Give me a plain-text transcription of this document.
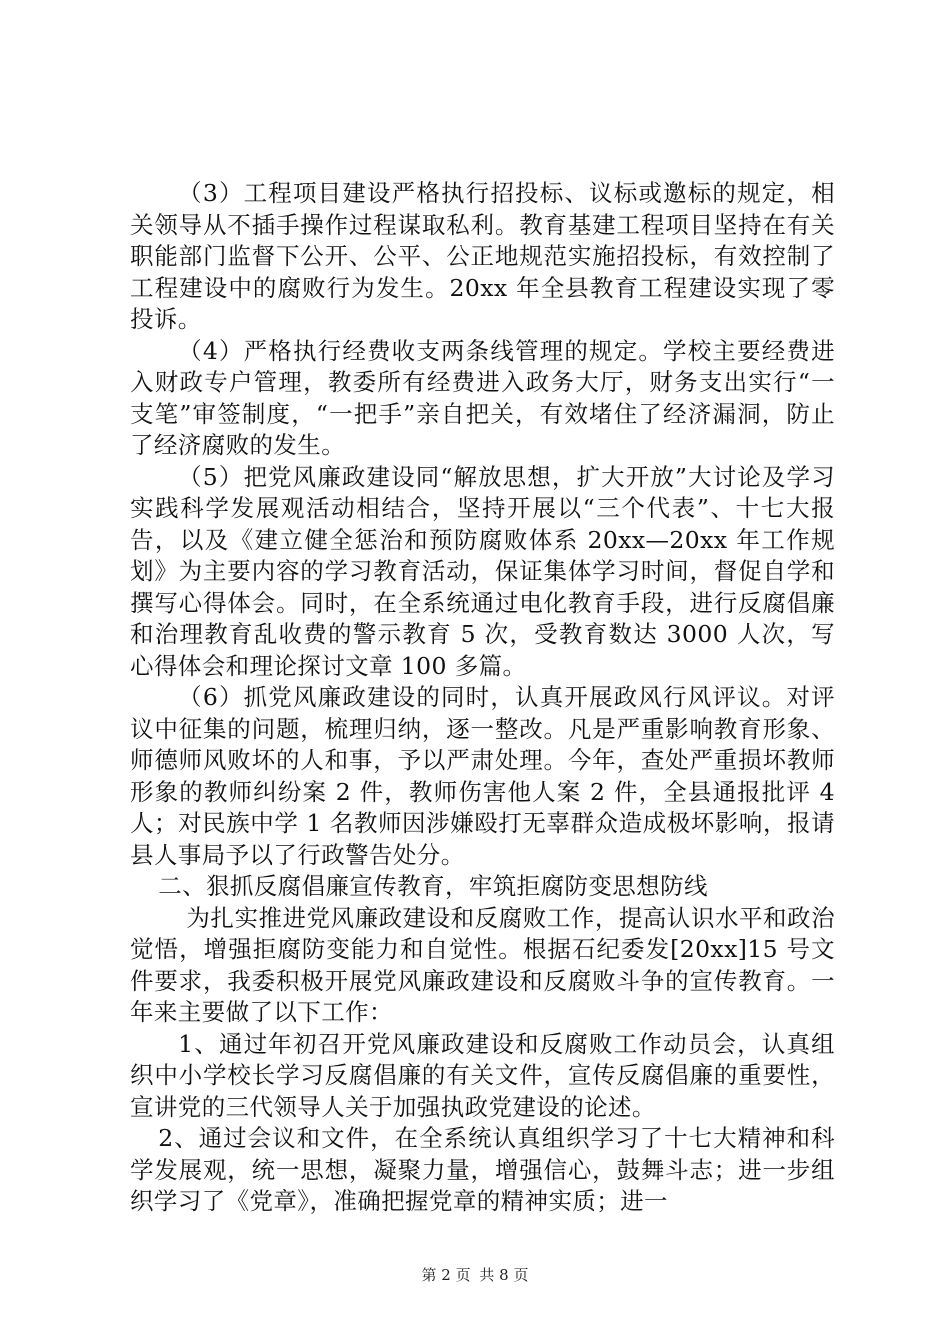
（3）工程项目建设严格执行招投标、议标或邀标的规定，相关领导从不插手操作过程谋取私利。教育基建工程项目坚持在有关职能部门监督下公开、公平、公正地规范实施招投标，有效控制了工程建设中的腐败行为发生。20xx 年全县教育工程建设实现了零投诉。

（4）严格执行经费收支两条线管理的规定。学校主要经费进入财政专户管理，教委所有经费进入政务大厅，财务支出实行“一支笔”审签制度，“一把手”亲自把关，有效堵住了经济漏洞，防止了经济腐败的发生。

（5）把党风廉政建设同“解放思想，扩大开放”大讨论及学习实践科学发展观活动相结合，坚持开展以“三个代表”、十七大报告，以及《建立健全惩治和预防腐败体系 20xx—20xx 年工作规划》为主要内容的学习教育活动，保证集体学习时间，督促自学和撰写心得体会。同时，在全系统通过电化教育手段，进行反腐倡廉和治理教育乱收费的警示教育 5 次，受教育数达 3000 人次，写心得体会和理论探讨文章 100 多篇。

（6）抓党风廉政建设的同时，认真开展政风行风评议。对评议中征集的问题，梳理归纳，逐一整改。凡是严重影响教育形象、师德师风败坏的人和事，予以严肃处理。今年，查处严重损坏教师形象的教师纠纷案 2 件，教师伤害他人案 2 件，全县通报批评 4 人；对民族中学 1 名教师因涉嫌殴打无辜群众造成极坏影响，报请县人事局予以了行政警告处分。

二、狠抓反腐倡廉宣传教育，牢筑拒腐防变思想防线

为扎实推进党风廉政建设和反腐败工作，提高认识水平和政治觉悟，增强拒腐防变能力和自觉性。根据石纪委发[20xx]15 号文件要求，我委积极开展党风廉政建设和反腐败斗争的宣传教育。一年来主要做了以下工作：

1、通过年初召开党风廉政建设和反腐败工作动员会，认真组织中小学校长学习反腐倡廉的有关文件，宣传反腐倡廉的重要性，宣讲党的三代领导人关于加强执政党建设的论述。

2、通过会议和文件，在全系统认真组织学习了十七大精神和科学发展观，统一思想，凝聚力量，增强信心，鼓舞斗志；进一步组织学习了《党章》，准确把握党章的精神实质；进一

第 2 页 共 8 页
